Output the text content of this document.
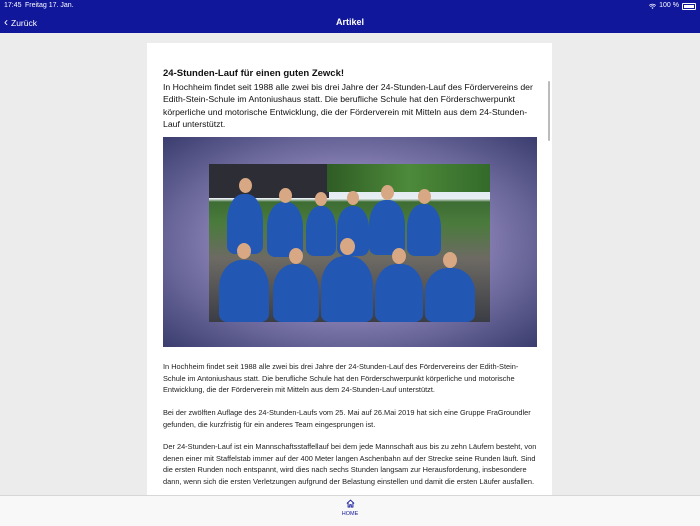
17:45 Freitag 17. Jan.	100 %
‹ Zurück	Artikel
24-Stunden-Lauf für einen guten Zewck!
In Hochheim findet seit 1988 alle zwei bis drei Jahre der 24-Stunden-Lauf des Fördervereins der Edith-Stein-Schule im Antoniushaus statt. Die berufliche Schule hat den Förderschwerpunkt körperliche und motorische Entwicklung, die der Förderverein mit Mitteln aus dem 24-Stunden-Lauf unterstützt.
In Hochheim findet seit 1988 alle zwei bis drei Jahre der 24-Stunden-Lauf des Fördervereins der Edith-Stein-Schule im Antoniushaus statt. Die berufliche Schule hat den Förderschwerpunkt körperliche und motorische Entwicklung, die der Förderverein mit Mitteln aus dem 24-Stunden-Lauf unterstützt.
Bei der zwölften Auflage des 24-Stunden-Laufs vom 25. Mai auf 26.Mai 2019 hat sich eine Gruppe FraGroundler gefunden, die kurzfristig für ein anderes Team eingesprungen ist.
Der 24-Stunden-Lauf ist ein Mannschaftsstaffellauf bei dem jede Mannschaft aus bis zu zehn Läufern besteht, von denen einer mit Staffelstab immer auf der 400 Meter langen Aschenbahn auf der Strecke seine Runden läuft. Sind die ersten Runden noch entspannt, wird dies nach sechs Stunden langsam zur Herausforderung, insbesondere dann, wenn sich die ersten Verletzungen aufgrund der Belastung einstellen und damit die ersten Läufer ausfallen.
HOME
